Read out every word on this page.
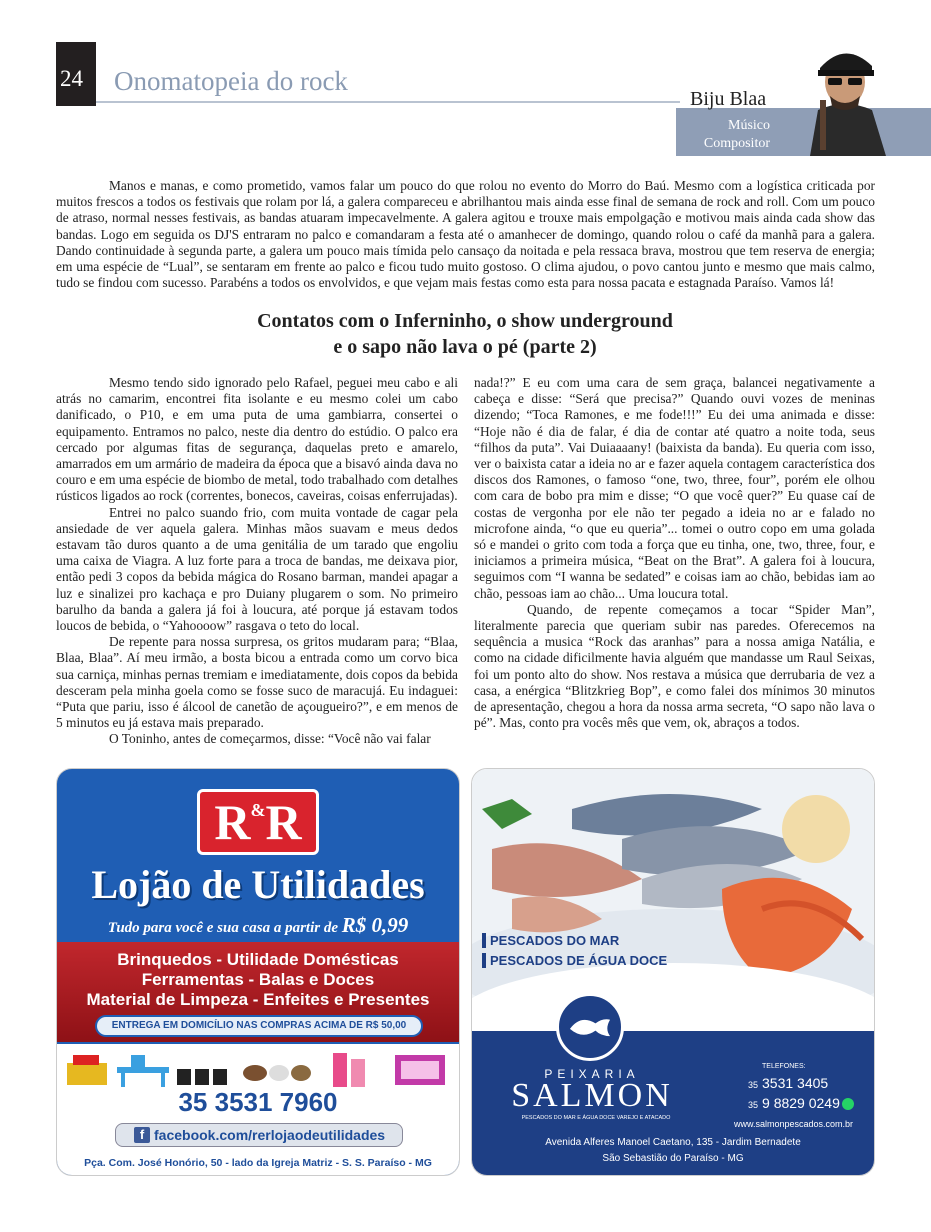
24 Onomatopeia do rock
Biju Blaa
Músico
Compositor

Manos e manas, e como prometido, vamos falar um pouco do que rolou no evento do Morro do Baú. Mesmo com a logística criticada por muitos frescos a todos os festivais que rolam por lá, a galera compareceu e abrilhantou mais ainda esse final de semana de rock and roll. Com um pouco de atraso, normal nesses festivais, as bandas atuaram impecavelmente. A galera agitou e trouxe mais empolgação e motivou mais ainda cada show das bandas. Logo em seguida os DJ'S entraram no palco e comandaram a festa até o amanhecer de domingo, quando rolou o café da manhã para a galera. Dando continuidade à segunda parte, a galera um pouco mais tímida pelo cansaço da noitada e pela ressaca brava, mostrou que tem reserva de energia; em uma espécie de “Lual”, se sentaram em frente ao palco e ficou tudo muito gostoso. O clima ajudou, o povo cantou junto e mesmo que mais calmo, tudo se findou com sucesso. Parabéns a todos os envolvidos, e que vejam mais festas como esta para nossa pacata e estagnada Paraíso. Vamos lá!

Contatos com o Inferninho, o show underground
e o sapo não lava o pé (parte 2)

Mesmo tendo sido ignorado pelo Rafael, peguei meu cabo e ali atrás no camarim, encontrei fita isolante e eu mesmo colei um cabo danificado, o P10, e em uma puta de uma gambiarra, consertei o equipamento. Entramos no palco, neste dia dentro do estúdio. O palco era cercado por algumas fitas de segurança, daquelas preto e amarelo, amarrados em um armário de madeira da época que a bisavó ainda dava no couro e em uma espécie de biombo de metal, todo trabalhado com detalhes rústicos ligados ao rock (correntes, bonecos, caveiras, coisas enferrujadas).

Entrei no palco suando frio, com muita vontade de cagar pela ansiedade de ver aquela galera. Minhas mãos suavam e meus dedos estavam tão duros quanto a de uma genitália de um tarado que engoliu uma caixa de Viagra. A luz forte para a troca de bandas, me deixava pior, então pedi 3 copos da bebida mágica do Rosano barman, mandei apagar a luz e sinalizei pro kachaça e pro Duiany plugarem o som. No primeiro barulho da banda a galera já foi à loucura, até porque já estavam todos loucos de bebida, o “Yahoooow” rasgava o teto do local.

De repente para nossa surpresa, os gritos mudaram para; “Blaa, Blaa, Blaa”. Aí meu irmão, a bosta bicou a entrada como um corvo bica sua carniça, minhas pernas tremiam e imediatamente, dois copos da bebida desceram pela minha goela como se fosse suco de maracujá. Eu indaguei: “Puta que pariu, isso é álcool de canetão de açougueiro?”, e em menos de 5 minutos eu já estava mais preparado.

O Toninho, antes de começarmos, disse: “Você não vai falar

nada!?” E eu com uma cara de sem graça, balancei negativamente a cabeça e disse: “Será que precisa?” Quando ouvi vozes de meninas dizendo; “Toca Ramones, e me fode!!!” Eu dei uma animada e disse: “Hoje não é dia de falar, é dia de contar até quatro a noite toda, seus “filhos da puta”. Vai Duiaaaany! (baixista da banda). Eu queria com isso, ver o baixista catar a ideia no ar e fazer aquela contagem característica dos discos dos Ramones, o famoso “one, two, three, four”, porém ele olhou com cara de bobo pra mim e disse; “O que você quer?” Eu quase caí de costas de vergonha por ele não ter pegado a ideia no ar e falado no microfone ainda, “o que eu queria”... tomei o outro copo em uma golada só e mandei o grito com toda a força que eu tinha, one, two, three, four, e iniciamos a primeira música, “Beat on the Brat”. A galera foi à loucura, seguimos com “I wanna be sedated” e coisas iam ao chão, bebidas iam ao chão, pessoas iam ao chão... Uma loucura total.

Quando, de repente começamos a tocar “Spider Man”, literalmente parecia que queriam subir nas paredes. Oferecemos na sequência a musica “Rock das aranhas” para a nossa amiga Natália, e como na cidade dificilmente havia alguém que mandasse um Raul Seixas, foi um ponto alto do show. Nos restava a música que derrubaria de vez a casa, a enérgica “Blitzkrieg Bop”, e como falei dos mínimos 30 minutos de apresentação, chegou a hora da nossa arma secreta, “O sapo não lava o pé”. Mas, conto pra vocês mês que vem, ok, abraços a todos.

R&R
Lojão de Utilidades
Tudo para você e sua casa a partir de R$ 0,99
Brinquedos - Utilidade Domésticas
Ferramentas - Balas e Doces
Material de Limpeza - Enfeites e Presentes
ENTREGA EM DOMICÍLIO NAS COMPRAS ACIMA DE R$ 50,00
35 3531 7960
f facebook.com/rerlojaodeutilidades
Pça. Com. José Honório, 50 - lado da Igreja Matriz - S. S. Paraíso - MG
PESCADOS DO MAR
PESCADOS DE ÁGUA DOCE
PEIXARIA
SALMON
PESCADOS DO MAR E ÁGUA DOCE VAREJO E ATACADO
TELEFONES:
35 3531 3405
35 9 8829 0249
www.salmonpescados.com.br
Avenida Alferes Manoel Caetano, 135 - Jardim Bernadete
São Sebastião do Paraíso - MG
